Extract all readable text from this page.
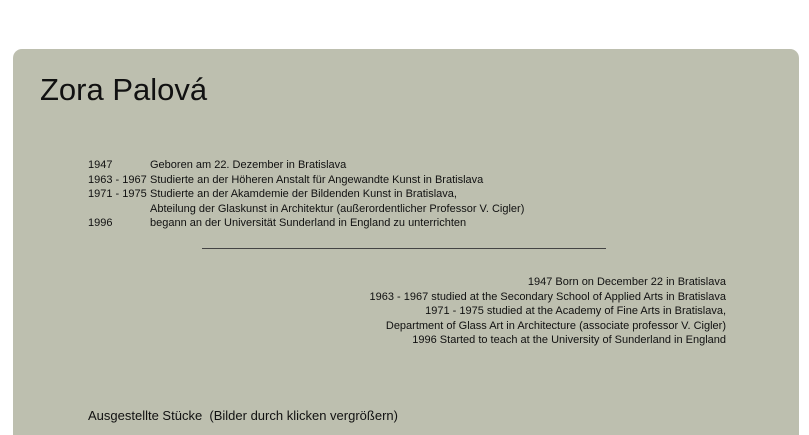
Zora Palová
1947	Geboren am 22. Dezember in Bratislava
1963 - 1967 Studierte an der Höheren Anstalt für Angewandte Kunst in Bratislava
1971 - 1975 Studierte an der Akamdemie der Bildenden Kunst in Bratislava,
Abteilung der Glaskunst in Architektur (außerordentlicher Professor V. Cigler)
1996	begann an der Universität Sunderland in England zu unterrichten
1947 Born on December 22 in Bratislava
1963 - 1967 studied at the Secondary School of Applied Arts in Bratislava
1971 - 1975 studied at the Academy of Fine Arts in Bratislava,
Department of Glass Art in Architecture (associate professor V. Cigler)
1996 Started to teach at the University of Sunderland in England
Ausgestellte Stücke  (Bilder durch klicken vergrößern)
